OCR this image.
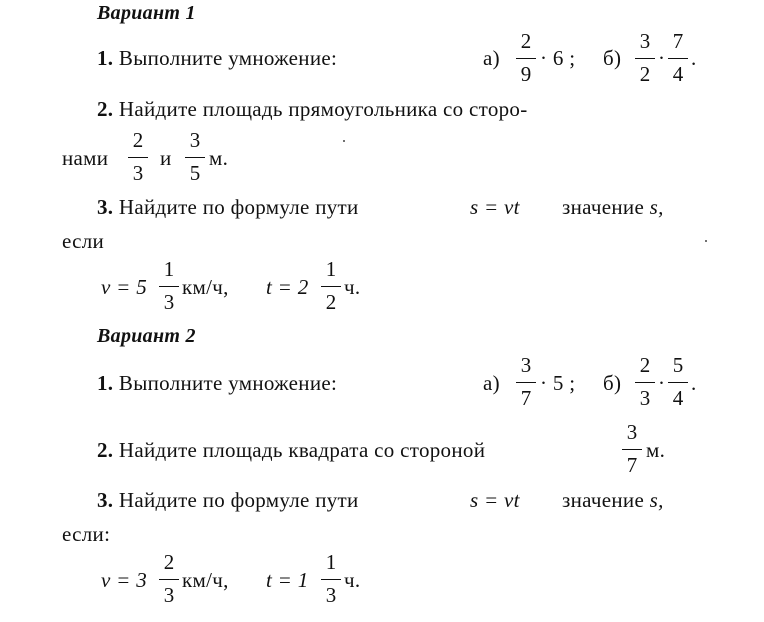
Вариант 1
1. Выполните умножение:	а)
2
9
· 6 ; б)
3
2
·
7
4
.
2. Найдите площадь прямоугольника со сторо-
нами
2
3
и
3
5
м.
3. Найдите по формуле пути	s = vt значение s,
если
v = 5
1
3
км/ч, t = 2
1
2
ч.
Вариант 2
1. Выполните умножение:	а)
3
7
· 5 ; б)
2
3
·
5
4
.
2. Найдите площадь квадрата со стороной
3
7
м.
3. Найдите по формуле пути	s = vt значение s,
если:
v = 3
2
3
км/ч, t = 1
1
3
ч.
